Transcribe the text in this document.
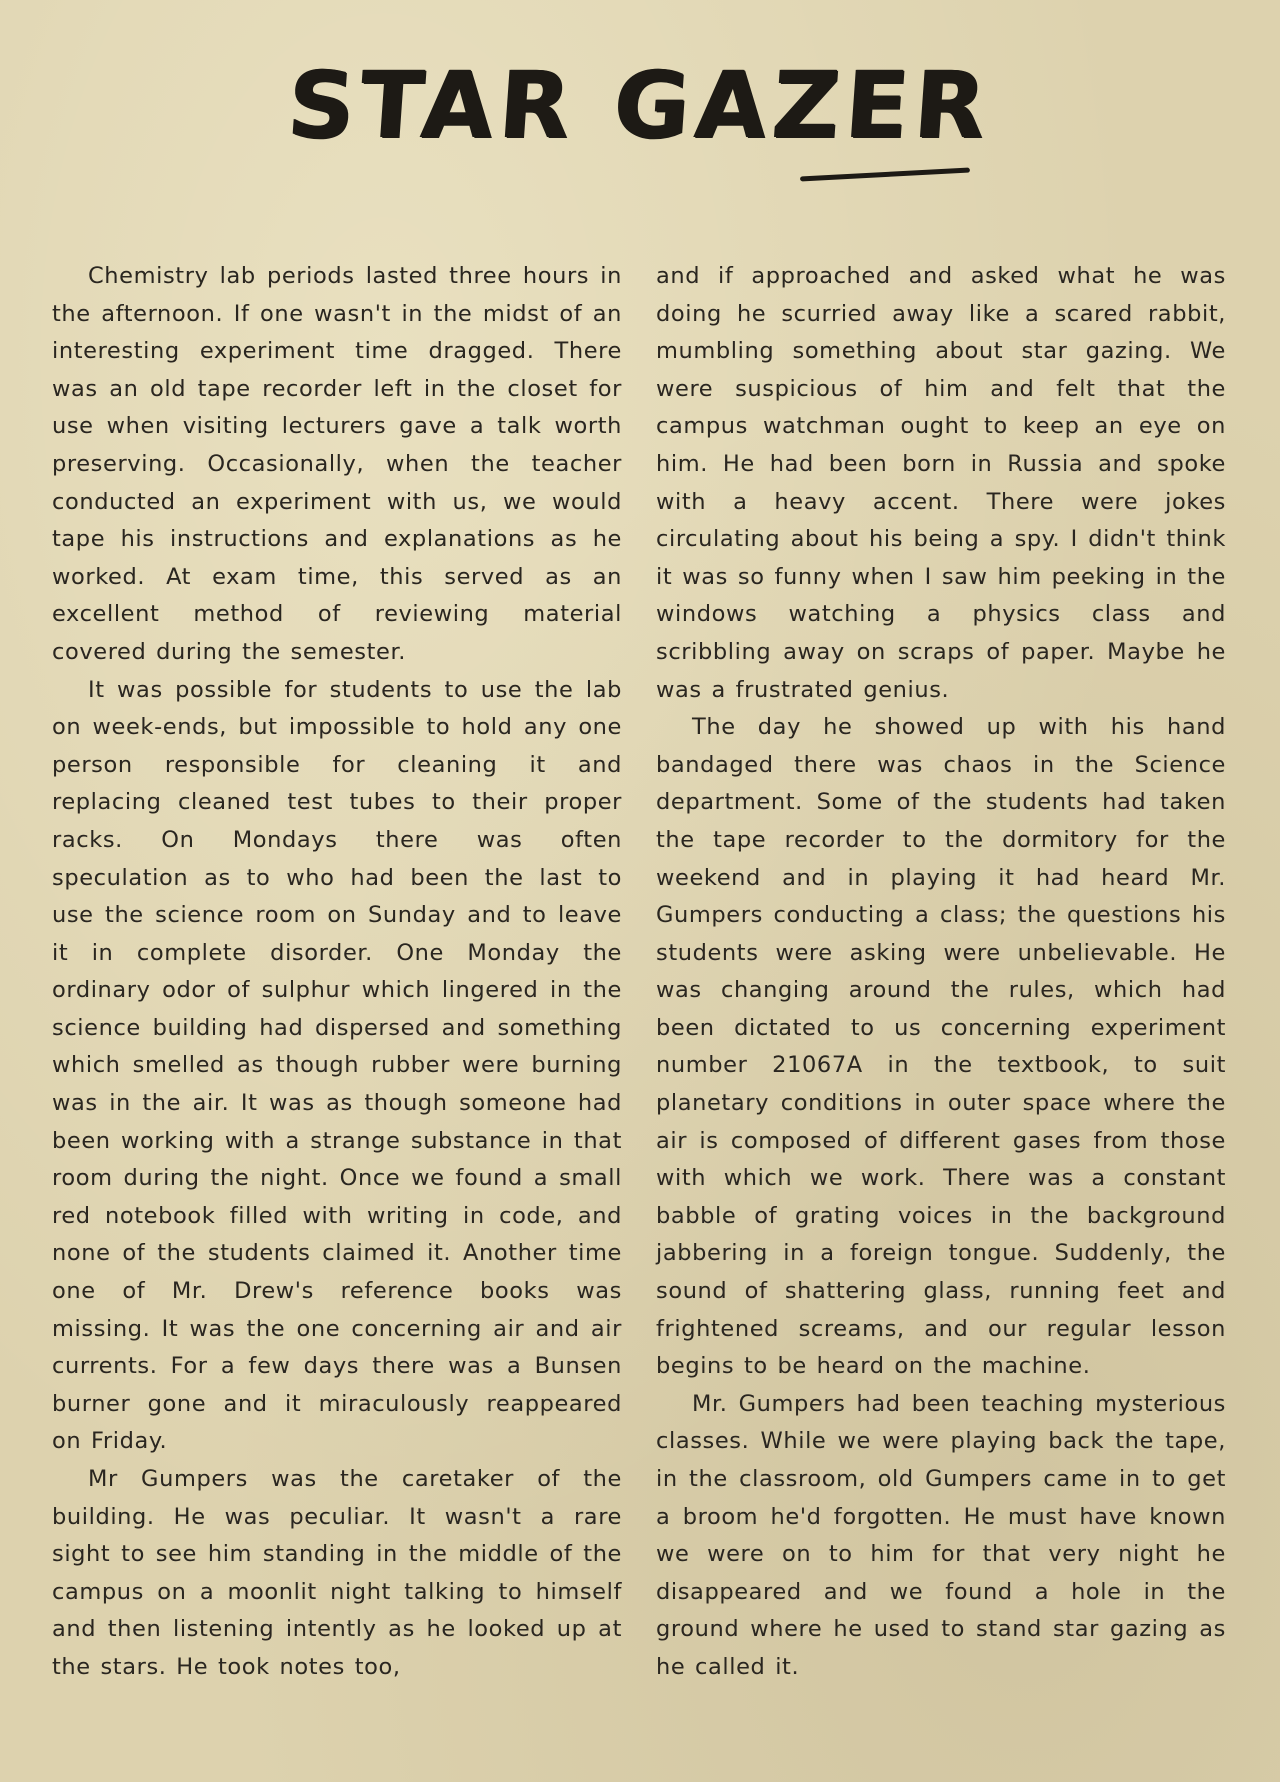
STAR GAZER

Chemistry lab periods lasted three hours in the afternoon. If one wasn't in the midst of an interesting experiment time dragged. There was an old tape recorder left in the closet for use when visiting lecturers gave a talk worth preserving. Occasionally, when the teacher conducted an experiment with us, we would tape his instructions and explanations as he worked. At exam time, this served as an excellent method of reviewing material covered during the semester.

It was possible for students to use the lab on week-ends, but impossible to hold any one person responsible for cleaning it and replacing cleaned test tubes to their proper racks. On Mondays there was often speculation as to who had been the last to use the science room on Sunday and to leave it in complete disorder. One Monday the ordinary odor of sulphur which lingered in the science building had dispersed and something which smelled as though rubber were burning was in the air. It was as though someone had been working with a strange substance in that room during the night. Once we found a small red notebook filled with writing in code, and none of the students claimed it. Another time one of Mr. Drew's reference books was missing. It was the one concerning air and air currents. For a few days there was a Bunsen burner gone and it miraculously reappeared on Friday.

Mr Gumpers was the caretaker of the building. He was peculiar. It wasn't a rare sight to see him standing in the middle of the campus on a moonlit night talking to himself and then listening intently as he looked up at the stars. He took notes too,

and if approached and asked what he was doing he scurried away like a scared rabbit, mumbling something about star gazing. We were suspicious of him and felt that the campus watchman ought to keep an eye on him. He had been born in Russia and spoke with a heavy accent. There were jokes circulating about his being a spy. I didn't think it was so funny when I saw him peeking in the windows watching a physics class and scribbling away on scraps of paper. Maybe he was a frustrated genius.

The day he showed up with his hand bandaged there was chaos in the Science department. Some of the students had taken the tape recorder to the dormitory for the weekend and in playing it had heard Mr. Gumpers conducting a class; the questions his students were asking were unbelievable. He was changing around the rules, which had been dictated to us concerning experiment number 21067A in the textbook, to suit planetary conditions in outer space where the air is composed of different gases from those with which we work. There was a constant babble of grating voices in the background jabbering in a foreign tongue. Suddenly, the sound of shattering glass, running feet and frightened screams, and our regular lesson begins to be heard on the machine.

Mr. Gumpers had been teaching mysterious classes. While we were playing back the tape, in the classroom, old Gumpers came in to get a broom he'd forgotten. He must have known we were on to him for that very night he disappeared and we found a hole in the ground where he used to stand star gazing as he called it.
